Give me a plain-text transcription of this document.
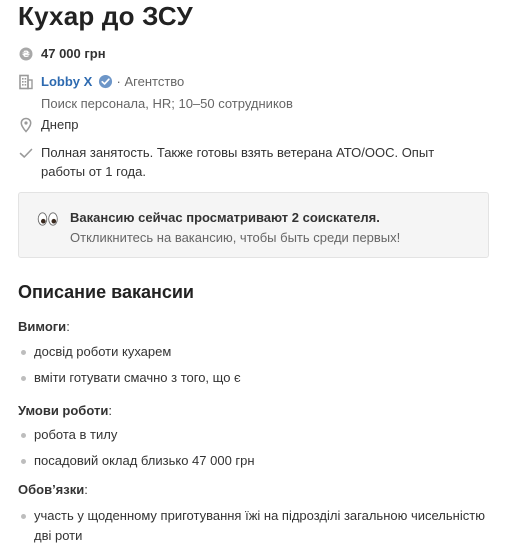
Кухар до ЗСУ
₴ 47 000 грн
Lobby X · Агентство
Поиск персонала, HR; 10–50 сотрудников
Днепр
Полная занятость. Также готовы взять ветерана АТО/ООС. Опыт работы от 1 года.
Вакансию сейчас просматривают 2 соискателя.
Откликнитесь на вакансию, чтобы быть среди первых!
Описание вакансии
Вимоги:
досвід роботи кухарем
вміти готувати смачно з того, що є
Умови роботи:
робота в тилу
посадовий оклад близько 47 000 грн
Обов’язки:
участь у щоденному приготування їжі на підрозділі загальною чисельністю дві роти
